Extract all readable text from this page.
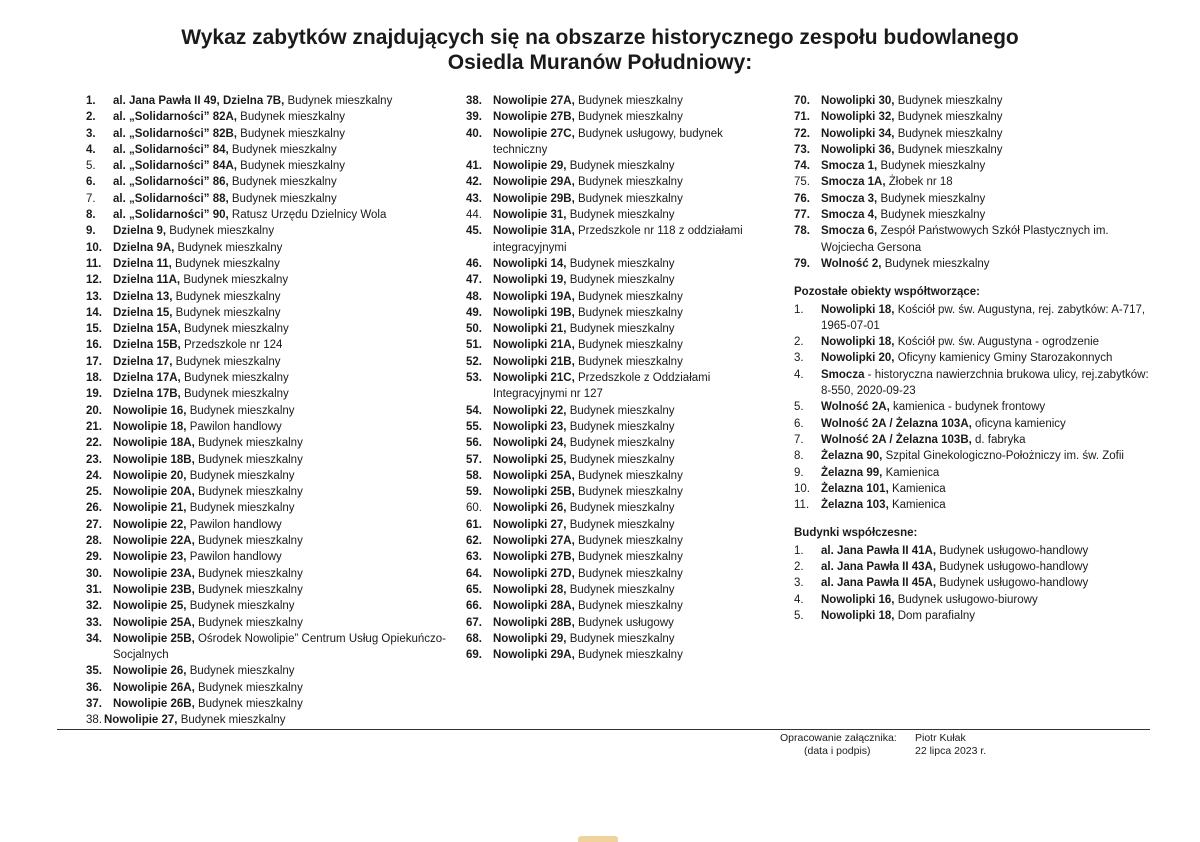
Wykaz zabytków znajdujących się na obszarze historycznego zespołu budowlanego
Osiedla Muranów Południowy:
1.	al. Jana Pawła II 49, Dzielna 7B, Budynek mieszkalny
2.	al. „Solidarności” 82A, Budynek mieszkalny
3.	al. „Solidarności” 82B, Budynek mieszkalny
4.	al. „Solidarności” 84, Budynek mieszkalny
5.	al. „Solidarności” 84A, Budynek mieszkalny
6.	al. „Solidarności” 86, Budynek mieszkalny
7.	al. „Solidarności” 88, Budynek mieszkalny
8.	al. „Solidarności” 90, Ratusz Urzędu Dzielnicy Wola
9.	Dzielna 9, Budynek mieszkalny
10. Dzielna 9A, Budynek mieszkalny
11.	Dzielna 11, Budynek mieszkalny
12. Dzielna 11A, Budynek mieszkalny
13. Dzielna 13, Budynek mieszkalny
14. Dzielna 15, Budynek mieszkalny
15. Dzielna 15A, Budynek mieszkalny
16. Dzielna 15B, Przedszkole nr 124
17. Dzielna 17, Budynek mieszkalny
18. Dzielna 17A, Budynek mieszkalny
19. Dzielna 17B, Budynek mieszkalny
20. Nowolipie 16, Budynek mieszkalny
21. Nowolipie 18, Pawilon handlowy
22. Nowolipie 18A, Budynek mieszkalny
23. Nowolipie 18B, Budynek mieszkalny
24. Nowolipie 20, Budynek mieszkalny
25. Nowolipie 20A, Budynek mieszkalny
26. Nowolipie 21, Budynek mieszkalny
27. Nowolipie 22, Pawilon handlowy
28. Nowolipie 22A, Budynek mieszkalny
29. Nowolipie 23, Pawilon handlowy
30. Nowolipie 23A, Budynek mieszkalny
31. Nowolipie 23B, Budynek mieszkalny
32. Nowolipie 25, Budynek mieszkalny
33. Nowolipie 25A, Budynek mieszkalny
34. Nowolipie 25B, Ośrodek Nowolipie” Centrum Usług Opiekuńczo-Socjalnych
35. Nowolipie 26, Budynek mieszkalny
36. Nowolipie 26A, Budynek mieszkalny
37. Nowolipie 26B, Budynek mieszkalny
38. Nowolipie 27, Budynek mieszkalny
38. Nowolipie 27A, Budynek mieszkalny
39. Nowolipie 27B, Budynek mieszkalny
40. Nowolipie 27C, Budynek usługowy, budynek techniczny
41. Nowolipie 29, Budynek mieszkalny
42. Nowolipie 29A, Budynek mieszkalny
43. Nowolipie 29B, Budynek mieszkalny
44. Nowolipie 31, Budynek mieszkalny
45. Nowolipie 31A, Przedszkole nr 118 z oddziałami integracyjnymi
46. Nowolipki 14, Budynek mieszkalny
47. Nowolipki 19, Budynek mieszkalny
48. Nowolipki 19A, Budynek mieszkalny
49. Nowolipki 19B, Budynek mieszkalny
50. Nowolipki 21, Budynek mieszkalny
51. Nowolipki 21A, Budynek mieszkalny
52. Nowolipki 21B, Budynek mieszkalny
53. Nowolipki 21C, Przedszkole z Oddziałami Integracyjnymi nr 127
54. Nowolipki 22, Budynek mieszkalny
55. Nowolipki 23, Budynek mieszkalny
56. Nowolipki 24, Budynek mieszkalny
57. Nowolipki 25, Budynek mieszkalny
58. Nowolipki 25A, Budynek mieszkalny
59. Nowolipki 25B, Budynek mieszkalny
60. Nowolipki 26, Budynek mieszkalny
61. Nowolipki 27, Budynek mieszkalny
62. Nowolipki 27A, Budynek mieszkalny
63. Nowolipki 27B, Budynek mieszkalny
64. Nowolipki 27D, Budynek mieszkalny
65. Nowolipki 28, Budynek mieszkalny
66. Nowolipki 28A, Budynek mieszkalny
67. Nowolipki 28B, Budynek usługowy
68. Nowolipki 29, Budynek mieszkalny
69. Nowolipki 29A, Budynek mieszkalny
70. Nowolipki 30, Budynek mieszkalny
71. Nowolipki 32, Budynek mieszkalny
72. Nowolipki 34, Budynek mieszkalny
73. Nowolipki 36, Budynek mieszkalny
74. Smocza 1, Budynek mieszkalny
75. Smocza 1A, Żłobek nr 18
76. Smocza 3, Budynek mieszkalny
77. Smocza 4, Budynek mieszkalny
78. Smocza 6, Zespół Państwowych Szkół Plastycznych im. Wojciecha Gersona
79. Wolność 2, Budynek mieszkalny
Pozostałe obiekty współtworzące:
1.	Nowolipki 18, Kościół pw. św. Augustyna, rej. zabytków: A-717, 1965-07-01
2.	Nowolipki 18, Kościół pw. św. Augustyna - ogrodzenie
3.	Nowolipki 20, Oficyny kamienicy Gminy Starozakonnych
4.	Smocza - historyczna nawierzchnia brukowa ulicy, rej.zabytków: 8-550, 2020-09-23
5.	Wolność 2A, kamienica - budynek frontowy
6.	Wolność 2A / Żelazna 103A, oficyna kamienicy
7.	Wolność 2A / Żelazna 103B, d. fabryka
8.	Żelazna 90, Szpital Ginekologiczno-Położniczy im. św. Zofii
9.	Żelazna 99, Kamienica
10. Żelazna 101, Kamienica
11.	Żelazna 103, Kamienica
Budynki współczesne:
1.	al. Jana Pawła II 41A, Budynek usługowo-handlowy
2.	al. Jana Pawła II 43A, Budynek usługowo-handlowy
3.	al. Jana Pawła II 45A, Budynek usługowo-handlowy
4.	Nowolipki 16, Budynek usługowo-biurowy
5.	Nowolipki 18, Dom parafialny
Opracowanie załącznika:
(data i podpis)
Piotr Kułak
22 lipca 2023 r.
